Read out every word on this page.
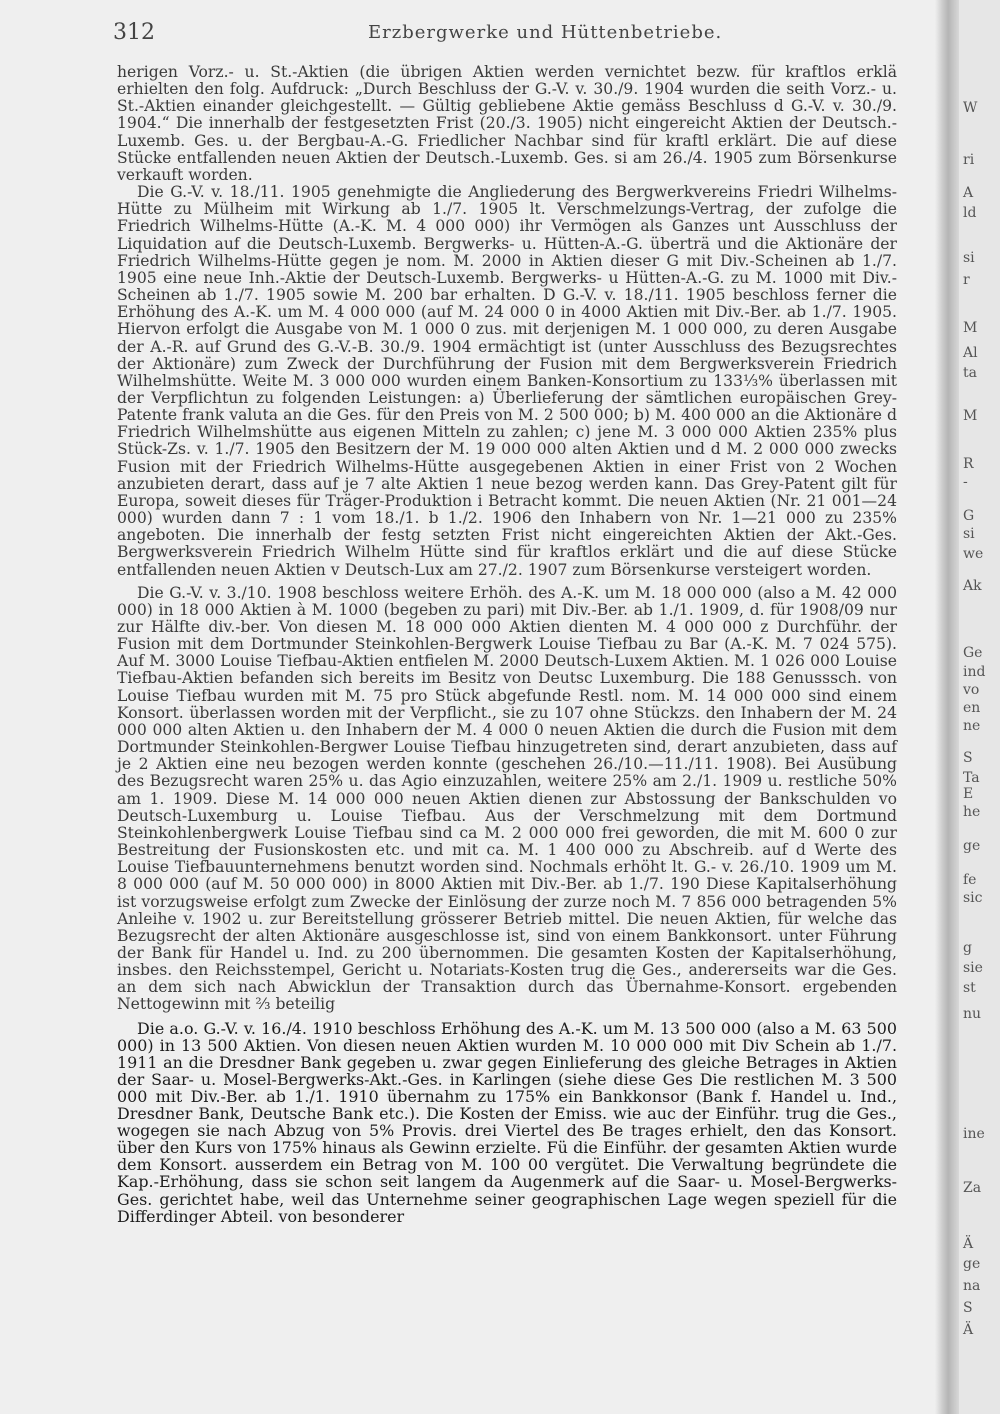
312	Erzbergwerke und Hüttenbetriebe.

herigen Vorz.- u. St.-Aktien (die übrigen Aktien werden vernichtet bezw. für kraftlos erklä erhielten den folg. Aufdruck: „Durch Beschluss der G.-V. v. 30./9. 1904 wurden die seith Vorz.- u. St.-Aktien einander gleichgestellt. — Gültig gebliebene Aktie gemäss Beschluss d G.-V. v. 30./9. 1904.“ Die innerhalb der festgesetzten Frist (20./3. 1905) nicht eingereicht Aktien der Deutsch.-Luxemb. Ges. u. der Bergbau-A.-G. Friedlicher Nachbar sind für kraftl erklärt. Die auf diese Stücke entfallenden neuen Aktien der Deutsch.-Luxemb. Ges. si am 26./4. 1905 zum Börsenkurse verkauft worden.

Die G.-V. v. 18./11. 1905 genehmigte die Angliederung des Bergwerkvereins Friedri Wilhelms-Hütte zu Mülheim mit Wirkung ab 1./7. 1905 lt. Verschmelzungs-Vertrag, der zufolge die Friedrich Wilhelms-Hütte (A.-K. M. 4 000 000) ihr Vermögen als Ganzes unt Ausschluss der Liquidation auf die Deutsch-Luxemb. Bergwerks- u. Hütten-A.-G. überträ und die Aktionäre der Friedrich Wilhelms-Hütte gegen je nom. M. 2000 in Aktien dieser G mit Div.-Scheinen ab 1./7. 1905 eine neue Inh.-Aktie der Deutsch-Luxemb. Bergwerks- u Hütten-A.-G. zu M. 1000 mit Div.-Scheinen ab 1./7. 1905 sowie M. 200 bar erhalten. D G.-V. v. 18./11. 1905 beschloss ferner die Erhöhung des A.-K. um M. 4 000 000 (auf M. 24 000 0 in 4000 Aktien mit Div.-Ber. ab 1./7. 1905. Hiervon erfolgt die Ausgabe von M. 1 000 0 zus. mit derjenigen M. 1 000 000, zu deren Ausgabe der A.-R. auf Grund des G.-V.-B. 30./9. 1904 ermächtigt ist (unter Ausschluss des Bezugsrechtes der Aktionäre) zum Zweck der Durchführung der Fusion mit dem Bergwerksverein Friedrich Wilhelmshütte. Weite M. 3 000 000 wurden einem Banken-Konsortium zu 133⅓% überlassen mit der Verpflichtun zu folgenden Leistungen: a) Überlieferung der sämtlichen europäischen Grey-Patente frank valuta an die Ges. für den Preis von M. 2 500 000; b) M. 400 000 an die Aktionäre d Friedrich Wilhelmshütte aus eigenen Mitteln zu zahlen; c) jene M. 3 000 000 Aktien 235% plus Stück-Zs. v. 1./7. 1905 den Besitzern der M. 19 000 000 alten Aktien und d M. 2 000 000 zwecks Fusion mit der Friedrich Wilhelms-Hütte ausgegebenen Aktien in einer Frist von 2 Wochen anzubieten derart, dass auf je 7 alte Aktien 1 neue bezog werden kann. Das Grey-Patent gilt für Europa, soweit dieses für Träger-Produktion i Betracht kommt. Die neuen Aktien (Nr. 21 001—24 000) wurden dann 7 : 1 vom 18./1. b 1./2. 1906 den Inhabern von Nr. 1—21 000 zu 235% angeboten. Die innerhalb der festg setzten Frist nicht eingereichten Aktien der Akt.-Ges. Bergwerksverein Friedrich Wilhelm Hütte sind für kraftlos erklärt und die auf diese Stücke entfallenden neuen Aktien v Deutsch-Lux am 27./2. 1907 zum Börsenkurse versteigert worden.

Die G.-V. v. 3./10. 1908 beschloss weitere Erhöh. des A.-K. um M. 18 000 000 (also a M. 42 000 000) in 18 000 Aktien à M. 1000 (begeben zu pari) mit Div.-Ber. ab 1./1. 1909, d. für 1908/09 nur zur Hälfte div.-ber. Von diesen M. 18 000 000 Aktien dienten M. 4 000 000 z Durchführ. der Fusion mit dem Dortmunder Steinkohlen-Bergwerk Louise Tiefbau zu Bar (A.-K. M. 7 024 575). Auf M. 3000 Louise Tiefbau-Aktien entfielen M. 2000 Deutsch-Luxem Aktien. M. 1 026 000 Louise Tiefbau-Aktien befanden sich bereits im Besitz von Deutsc Luxemburg. Die 188 Genusssch. von Louise Tiefbau wurden mit M. 75 pro Stück abgefunde Restl. nom. M. 14 000 000 sind einem Konsort. überlassen worden mit der Verpflicht., sie zu 107 ohne Stückzs. den Inhabern der M. 24 000 000 alten Aktien u. den Inhabern der M. 4 000 0 neuen Aktien die durch die Fusion mit dem Dortmunder Steinkohlen-Bergwer Louise Tiefbau hinzugetreten sind, derart anzubieten, dass auf je 2 Aktien eine neu bezogen werden konnte (geschehen 26./10.—11./11. 1908). Bei Ausübung des Bezugsrecht waren 25% u. das Agio einzuzahlen, weitere 25% am 2./1. 1909 u. restliche 50% am 1. 1909. Diese M. 14 000 000 neuen Aktien dienen zur Abstossung der Bankschulden vo Deutsch-Luxemburg u. Louise Tiefbau. Aus der Verschmelzung mit dem Dortmund Steinkohlenbergwerk Louise Tiefbau sind ca M. 2 000 000 frei geworden, die mit M. 600 0 zur Bestreitung der Fusionskosten etc. und mit ca. M. 1 400 000 zu Abschreib. auf d Werte des Louise Tiefbauunternehmens benutzt worden sind. Nochmals erhöht lt. G.- v. 26./10. 1909 um M. 8 000 000 (auf M. 50 000 000) in 8000 Aktien mit Div.-Ber. ab 1./7. 190 Diese Kapitalserhöhung ist vorzugsweise erfolgt zum Zwecke der Einlösung der zurze noch M. 7 856 000 betragenden 5% Anleihe v. 1902 u. zur Bereitstellung grösserer Betrieb mittel. Die neuen Aktien, für welche das Bezugsrecht der alten Aktionäre ausgeschlosse ist, sind von einem Bankkonsort. unter Führung der Bank für Handel u. Ind. zu 200 übernommen. Die gesamten Kosten der Kapitalserhöhung, insbes. den Reichsstempel, Gericht u. Notariats-Kosten trug die Ges., andererseits war die Ges. an dem sich nach Abwicklun der Transaktion durch das Übernahme-Konsort. ergebenden Nettogewinn mit ⅔ beteilig

Die a.o. G.-V. v. 16./4. 1910 beschloss Erhöhung des A.-K. um M. 13 500 000 (also a M. 63 500 000) in 13 500 Aktien. Von diesen neuen Aktien wurden M. 10 000 000 mit Div Schein ab 1./7. 1911 an die Dresdner Bank gegeben u. zwar gegen Einlieferung des gleiche Betrages in Aktien der Saar- u. Mosel-Bergwerks-Akt.-Ges. in Karlingen (siehe diese Ges Die restlichen M. 3 500 000 mit Div.-Ber. ab 1./1. 1910 übernahm zu 175% ein Bankkonsor (Bank f. Handel u. Ind., Dresdner Bank, Deutsche Bank etc.). Die Kosten der Emiss. wie auc der Einführ. trug die Ges., wogegen sie nach Abzug von 5% Provis. drei Viertel des Be trages erhielt, den das Konsort. über den Kurs von 175% hinaus als Gewinn erzielte. Fü die Einführ. der gesamten Aktien wurde dem Konsort. ausserdem ein Betrag von M. 100 00 vergütet. Die Verwaltung begründete die Kap.-Erhöhung, dass sie schon seit langem da Augenmerk auf die Saar- u. Mosel-Bergwerks-Ges. gerichtet habe, weil das Unternehme seiner geographischen Lage wegen speziell für die Differdinger Abteil. von besonderer

W
ri
A
ld
si
r
M
Al
ta
M
R
-
G
si
we
Ak
Ge
ind
vo
en
ne
S
Ta
E
he
ge
fe
sic
g
sie
st
nu
ine
Za
Ä
ge
na
S
Ä
